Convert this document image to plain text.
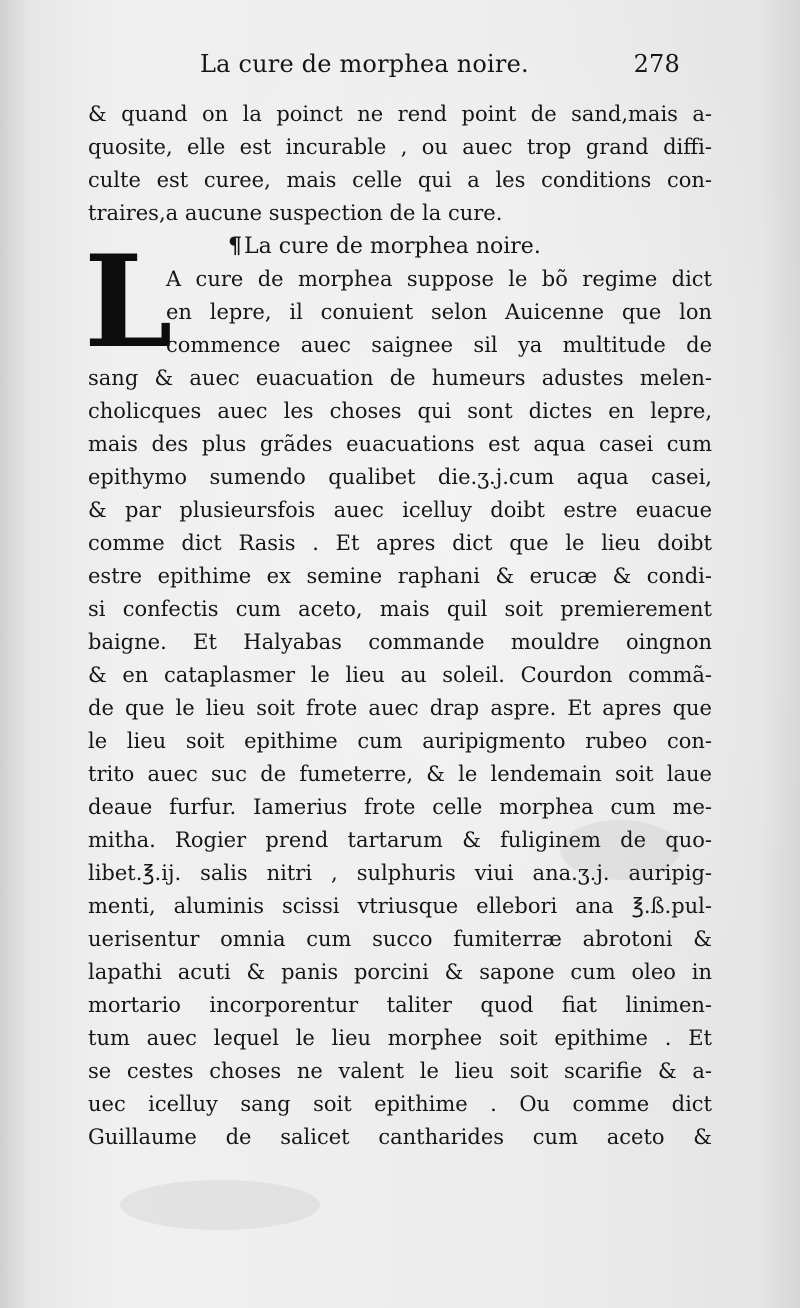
La cure de morphea noire.	278
L
& quand on la poinct ne rend point de sand,mais a-
quosite, elle est incurable , ou auec trop grand diffi-
culte est curee, mais celle qui a les conditions con-
traires,a aucune suspection de la cure.
¶La cure de morphea noire.
A cure de morphea suppose le bõ regime dict
en lepre, il conuient selon Auicenne que lon
commence auec saignee sil ya multitude de
sang & auec euacuation de humeurs adustes melen-
cholicques auec les choses qui sont dictes en lepre,
mais des plus grãdes euacuations est aqua casei cum
epithymo sumendo qualibet die.ʒ.j.cum aqua casei,
& par plusieursfois auec icelluy doibt estre euacue
comme dict Rasis . Et apres dict que le lieu doibt
estre epithime ex semine raphani & erucæ & condi-
si confectis cum aceto, mais quil soit premierement
baigne. Et Halyabas commande mouldre oingnon
& en cataplasmer le lieu au soleil. Courdon commã-
de que le lieu soit frote auec drap aspre. Et apres que
le lieu soit epithime cum auripigmento rubeo con-
trito auec suc de fumeterre, & le lendemain soit laue
deaue furfur. Iamerius frote celle morphea cum me-
mitha. Rogier prend tartarum & fuliginem de quo-
libet.℥.ij. salis nitri , sulphuris viui ana.ʒ.j. auripig-
menti, aluminis scissi vtriusque ellebori ana ℥.ß.pul-
uerisentur omnia cum succo fumiterræ abrotoni &
lapathi acuti & panis porcini & sapone cum oleo in
mortario incorporentur taliter quod fiat linimen-
tum auec lequel le lieu morphee soit epithime . Et
se cestes choses ne valent le lieu soit scarifie & a-
uec icelluy sang soit epithime . Ou comme dict
Guillaume de salicet cantharides cum aceto &
